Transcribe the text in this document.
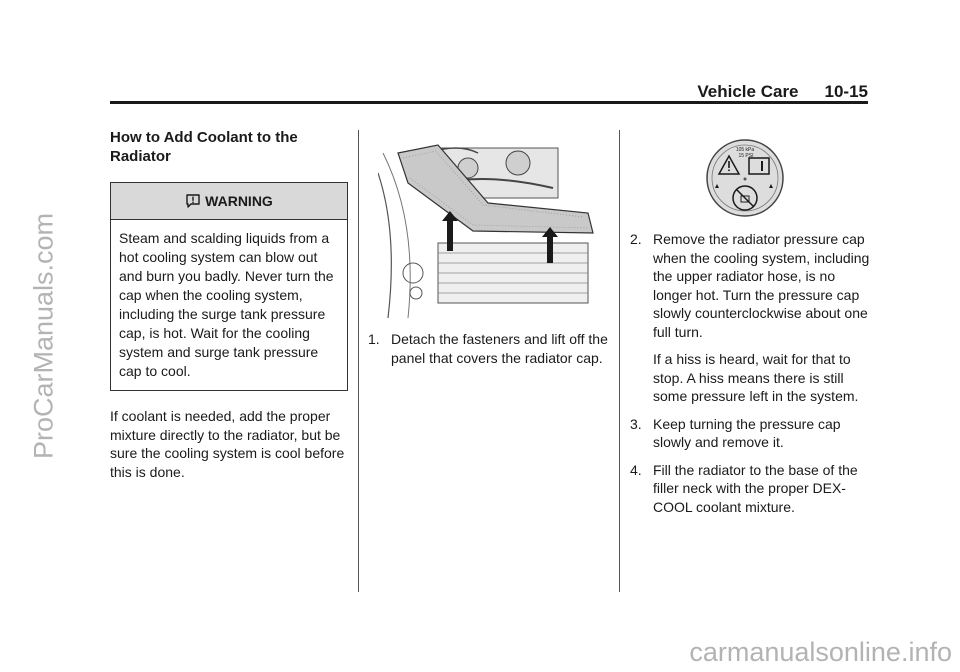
ProCarManuals.com
carmanualsonline.info
Vehicle Care 10-15
How to Add Coolant to the Radiator
WARNING
Steam and scalding liquids from a hot cooling system can blow out and burn you badly. Never turn the cap when the cooling system, including the surge tank pressure cap, is hot. Wait for the cooling system and surge tank pressure cap to cool.

If coolant is needed, add the proper mixture directly to the radiator, but be sure the cooling system is cool before this is done.

1. Detach the fasteners and lift off the panel that covers the radiator cap.
105 kPa
15 PSI
2. Remove the radiator pressure cap when the cooling system, including the upper radiator hose, is no longer hot. Turn the pressure cap slowly counterclockwise about one full turn.
If a hiss is heard, wait for that to stop. A hiss means there is still some pressure left in the system.
3. Keep turning the pressure cap slowly and remove it.
4. Fill the radiator to the base of the filler neck with the proper DEX-COOL coolant mixture.
